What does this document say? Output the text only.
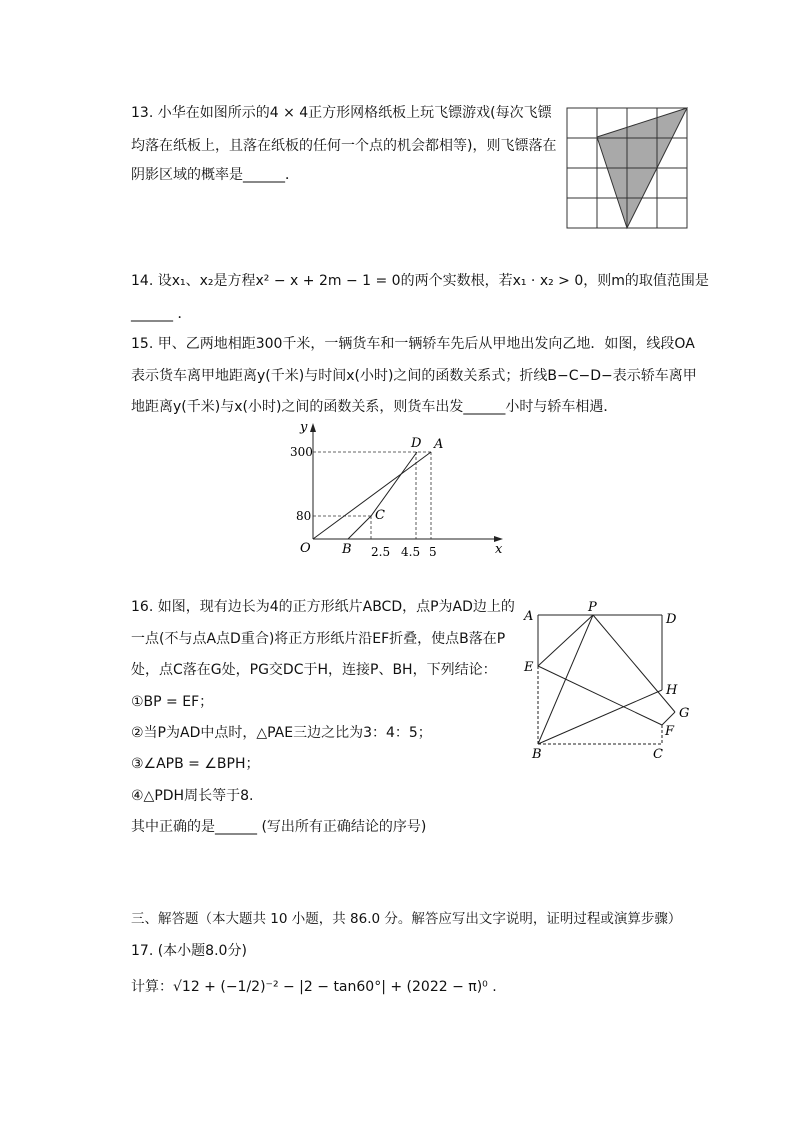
13. 小华在如图所示的4 × 4正方形网格纸板上玩飞镖游戏(每次飞镖
均落在纸板上，且落在纸板的任何一个点的机会都相等)，则飞镖落在
阴影区域的概率是______．
14. 设x₁、x₂是方程x² − x + 2m − 1 = 0的两个实数根，若x₁ · x₂ > 0，则m的取值范围是
______ ．
15. 甲、乙两地相距300千米，一辆货车和一辆轿车先后从甲地出发向乙地．如图，线段OA
表示货车离甲地距离y(千米)与时间x(小时)之间的函数关系式；折线B−C−D−表示轿车离甲
地距离y(千米)与x(小时)之间的函数关系，则货车出发______小时与轿车相遇．
y
x
O
300
80
2.5 4.5 5
B
C
D A
16. 如图，现有边长为4的正方形纸片ABCD，点P为AD边上的
一点(不与点A点D重合)将正方形纸片沿EF折叠，使点B落在P
处，点C落在G处，PG交DC于H，连接P、BH，下列结论：
①BP = EF；
②当P为AD中点时，△PAE三边之比为3：4：5；
③∠APB = ∠BPH；
④△PDH周长等于8.
其中正确的是______ (写出所有正确结论的序号)
A
P
D
E
H
G
F
B	C
三、解答题（本大题共 10 小题，共 86.0 分。解答应写出文字说明，证明过程或演算步骤）
17. (本小题8.0分)
计算：√12 + (−1/2)⁻² − |2 − tan60°| + (2022 − π)⁰ .
